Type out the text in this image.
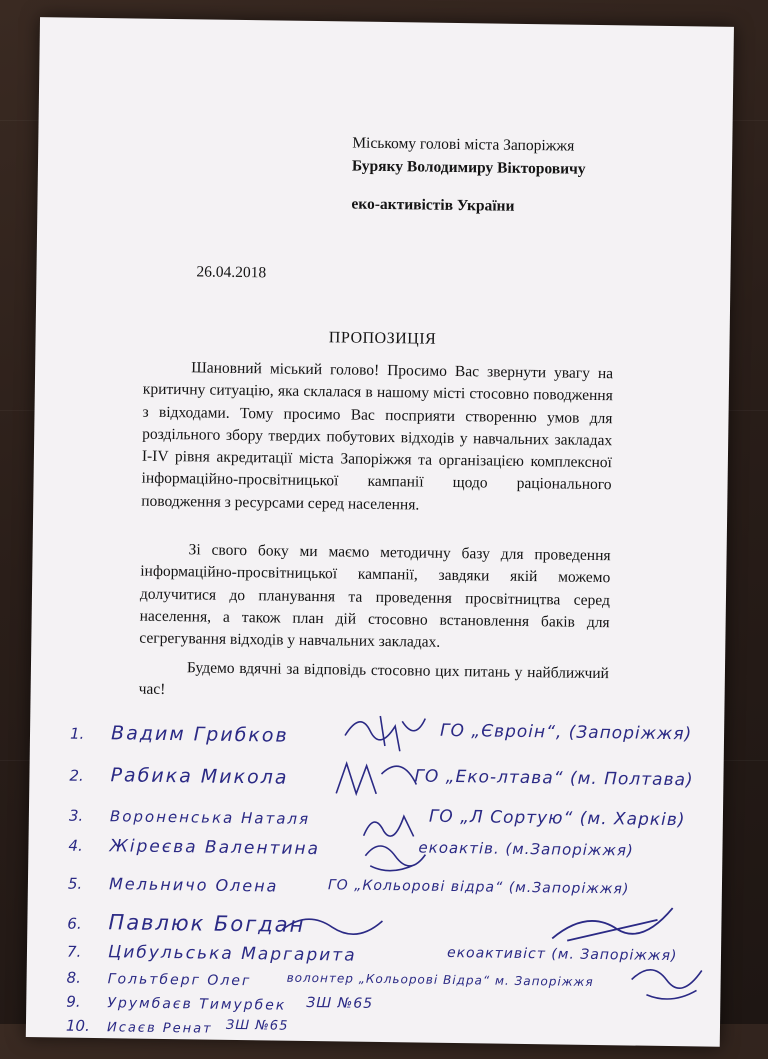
Міському голові міста Запоріжжя
Буряку Володимиру Вікторовичу
еко-активістів України
26.04.2018
ПРОПОЗИЦІЯ

Шановний міський голово! Просимо Вас звернути увагу на критичну ситуацію, яка склалася в нашому місті стосовно поводження з відходами. Тому просимо Вас посприяти створенню умов для роздільного збору твердих побутових відходів у навчальних закладах I-IV рівня акредитації міста Запоріжжя та організацією комплексної інформаційно-просвітницької кампанії щодо раціонального поводження з ресурсами серед населення.

Зі свого боку ми маємо методичну базу для проведення інформаційно-просвітницької кампанії, завдяки якій можемо долучитися до планування та проведення просвітництва серед населення, а також план дій стосовно встановлення баків для сегрегування відходів у навчальних закладах.

Будемо вдячні за відповідь стосовно цих питань у найближчий час!

1. Вадим Грибков	ГО „Євроін“, (Запоріжжя)
2. Рабика Микола	ГО „Еко-лтава“ (м. Полтава)
3. Вороненська Наталя	ГО „Л Сортую“ (м. Харків)
4. Жіреєва Валентина	екоактів. (м.Запоріжжя)
5. Мельничо Олена	ГО „Кольорові відра“ (м.Запоріжжя)
6. Павлюк Богдан
7. Цибульська Маргарита	екоактивіст (м. Запоріжжя)
8. Гольтберг Олег	волонтер „Кольорові Відра“ м. Запоріжжя
9. Урумбаєв Тимурбек ЗШ №65
10. Исаєв Ренат ЗШ №65
